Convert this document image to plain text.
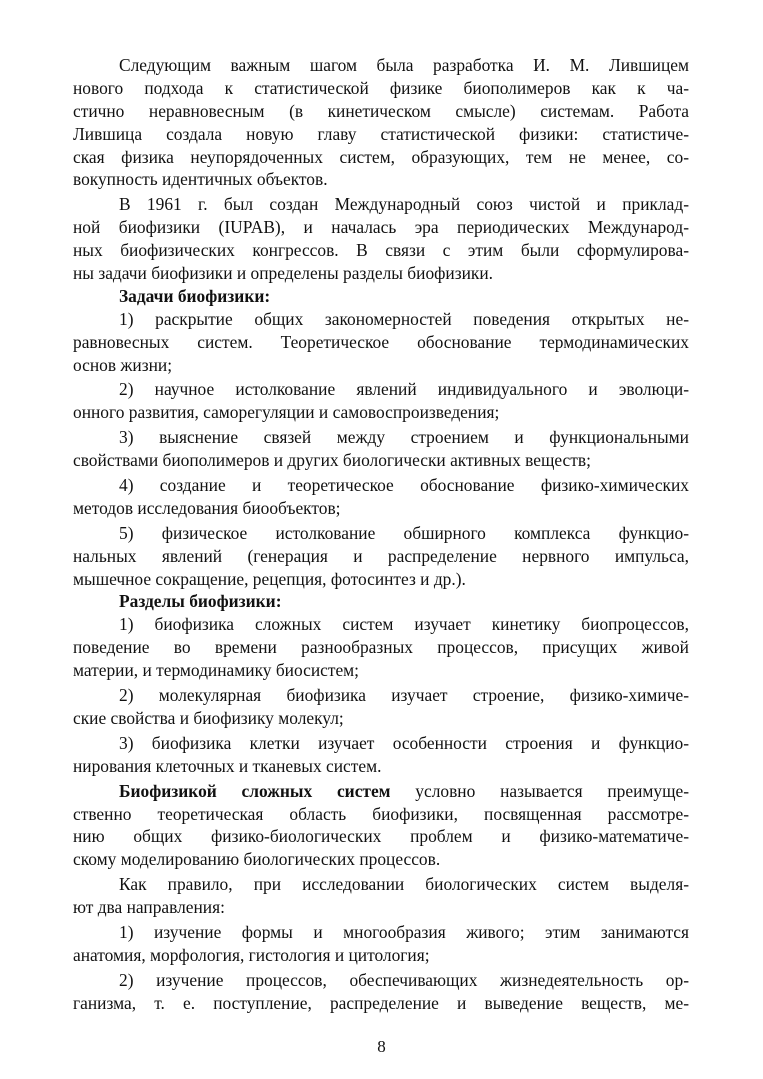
Следующим важным шагом была разработка И. М. Лившицем
нового подхода к статистической физике биополимеров как к ча-
стично неравновесным (в кинетическом смысле) системам. Работа
Лившица создала новую главу статистической физики: статистиче-
ская физика неупорядоченных систем, образующих, тем не менее, со-
вокупность идентичных объектов.
В 1961 г. был создан Международный союз чистой и приклад-
ной биофизики (IUPAB), и началась эра периодических Международ-
ных биофизических конгрессов. В связи с этим были сформулирова-
ны задачи биофизики и определены разделы биофизики.
Задачи биофизики:
1) раскрытие общих закономерностей поведения открытых не-
равновесных систем. Теоретическое обоснование термодинамических
основ жизни;
2) научное истолкование явлений индивидуального и эволюци-
онного развития, саморегуляции и самовоспроизведения;
3) выяснение связей между строением и функциональными
свойствами биополимеров и других биологически активных веществ;
4) создание и теоретическое обоснование физико-химических
методов исследования биообъектов;
5) физическое истолкование обширного комплекса функцио-
нальных явлений (генерация и распределение нервного импульса,
мышечное сокращение, рецепция, фотосинтез и др.).
Разделы биофизики:
1) биофизика сложных систем изучает кинетику биопроцессов,
поведение во времени разнообразных процессов, присущих живой
материи, и термодинамику биосистем;
2) молекулярная биофизика изучает строение, физико-химиче-
ские свойства и биофизику молекул;
3) биофизика клетки изучает особенности строения и функцио-
нирования клеточных и тканевых систем.
Биофизикой сложных систем условно называется преимуще-
ственно теоретическая область биофизики, посвященная рассмотре-
нию общих физико-биологических проблем и физико-математиче-
скому моделированию биологических процессов.
Как правило, при исследовании биологических систем выделя-
ют два направления:
1) изучение формы и многообразия живого; этим занимаются
анатомия, морфология, гистология и цитология;
2) изучение процессов, обеспечивающих жизнедеятельность ор-
ганизма, т. е. поступление, распределение и выведение веществ, ме-
8
